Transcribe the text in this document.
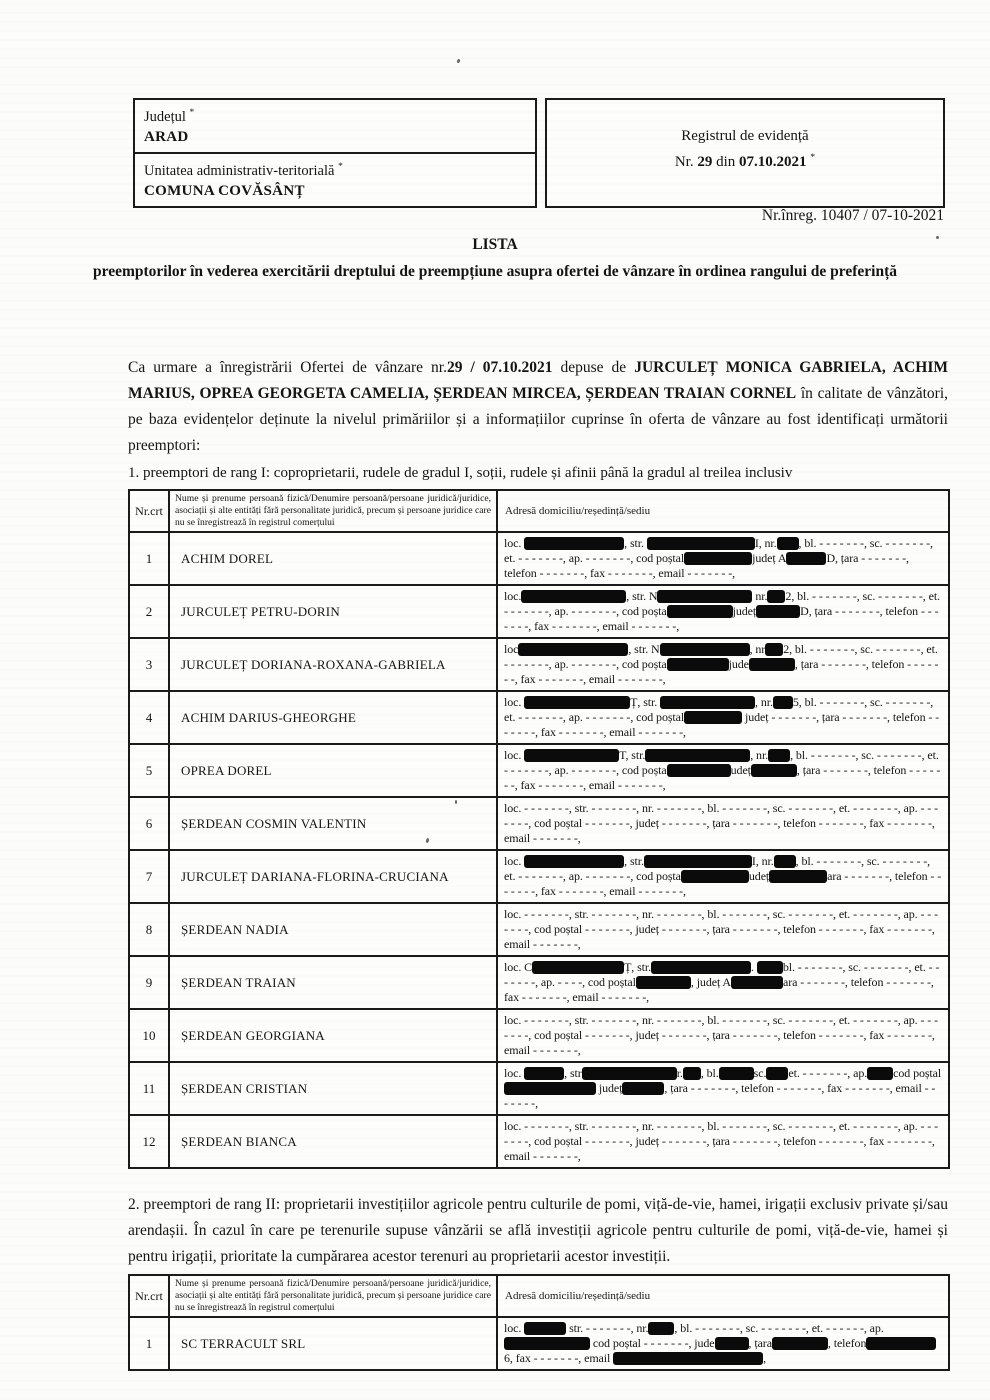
Județul *
ARAD
Unitatea administrativ-teritorială *
COMUNA COVĂSÂNȚ
Registrul de evidență
Nr. 29 din 07.10.2021 *
Nr.înreg. 10407 / 07-10-2021
LISTA
preemptorilor în vederea exercitării dreptului de preempțiune asupra ofertei de vânzare în ordinea rangului de preferință
Ca urmare a înregistrării Ofertei de vânzare nr.29 / 07.10.2021 depuse de JURCULEȚ MONICA GABRIELA, ACHIM MARIUS, OPREA GEORGETA CAMELIA, ȘERDEAN MIRCEA, ȘERDEAN TRAIAN CORNEL în calitate de vânzători, pe baza evidențelor deținute la nivelul primăriilor și a informațiilor cuprinse în oferta de vânzare au fost identificați următorii preemptori:
1. preemptori de rang I: coproprietarii, rudele de gradul I, soții, rudele și afinii până la gradul al treilea inclusiv
Nr.crt	Nume și prenume persoană fizică/Denumire persoană/persoane juridică/juridice, asociații și alte entități fără personalitate juridică, precum și persoane juridice care nu se înregistrează în registrul comerțului	Adresă domiciliu/reședință/sediu
1	ACHIM DOREL	loc. , str. I, nr. , bl. - - - - - - -, sc. - - - - - - -, et. - - - - - - -, ap. - - - - - - -, cod poștal județ A D, țara - - - - - - -, telefon - - - - - - -, fax - - - - - - -, email - - - - - - -,
2	JURCULEȚ PETRU-DORIN	loc. , str. N nr. 2, bl. - - - - - - -, sc. - - - - - - -, et. - - - - - - -, ap. - - - - - - -, cod poșta județ D, țara - - - - - - -, telefon - - - - - - -, fax - - - - - - -, email - - - - - - -,
3	JURCULEȚ DORIANA-ROXANA-GABRIELA	loc , str. N , nr 2, bl. - - - - - - -, sc. - - - - - - -, et. - - - - - - -, ap. - - - - - - -, cod poșta jude , țara - - - - - - -, telefon - - - - - - -, fax - - - - - - -, email - - - - - - -,
4	ACHIM DARIUS-GHEORGHE	loc. Ț, str. , nr. 5, bl. - - - - - - -, sc. - - - - - - -, et. - - - - - - -, ap. - - - - - - -, cod poștal județ - - - - - - -, țara - - - - - - -, telefon - - - - - - -, fax - - - - - - -, email - - - - - - -,
5	OPREA DOREL	loc. T, str. , nr. , bl. - - - - - - -, sc. - - - - - - -, et. - - - - - - -, ap. - - - - - - -, cod poșta udeț , țara - - - - - - -, telefon - - - - - - -, fax - - - - - - -, email - - - - - - -,
6	ȘERDEAN COSMIN VALENTIN	loc. - - - - - - -, str. - - - - - - -, nr. - - - - - - -, bl. - - - - - - -, sc. - - - - - - -, et. - - - - - - -, ap. - - - - - - -, cod poștal - - - - - - -, județ - - - - - - -, țara - - - - - - -, telefon - - - - - - -, fax - - - - - - -, email - - - - - - -,
7	JURCULEȚ DARIANA-FLORINA-CRUCIANA	loc. , str. I, nr. , bl. - - - - - - -, sc. - - - - - - -, et. - - - - - - -, ap. - - - - - - -, cod poșta udeț ara - - - - - - -, telefon - - - - - - -, fax - - - - - - -, email - - - - - - -,
8	ȘERDEAN NADIA	loc. - - - - - - -, str. - - - - - - -, nr. - - - - - - -, bl. - - - - - - -, sc. - - - - - - -, et. - - - - - - -, ap. - - - - - - -, cod poștal - - - - - - -, județ - - - - - - -, țara - - - - - - -, telefon - - - - - - -, fax - - - - - - -, email - - - - - - -,
9	ȘERDEAN TRAIAN	loc. C Ț, str. . bl. - - - - - - -, sc. - - - - - - -, et. - - - - - - -, ap. - - - -, cod poștal , județ A ara - - - - - - -, telefon - - - - - - -, fax - - - - - - -, email - - - - - - -,
10	ȘERDEAN GEORGIANA	loc. - - - - - - -, str. - - - - - - -, nr. - - - - - - -, bl. - - - - - - -, sc. - - - - - - -, et. - - - - - - -, ap. - - - - - - -, cod poștal - - - - - - -, județ - - - - - - -, țara - - - - - - -, telefon - - - - - - -, fax - - - - - - -, email - - - - - - -,
11	ȘERDEAN CRISTIAN	loc. , str r. , bl. sc. et. - - - - - - -, ap. cod poștal  județ , țara - - - - - - -, telefon - - - - - - -, fax - - - - - - -, email - - - - - - -,
12	ȘERDEAN BIANCA	loc. - - - - - - -, str. - - - - - - -, nr. - - - - - - -, bl. - - - - - - -, sc. - - - - - - -, et. - - - - - - -, ap. - - - - - - -, cod poștal - - - - - - -, județ - - - - - - -, țara - - - - - - -, telefon - - - - - - -, fax - - - - - - -, email - - - - - - -,
2. preemptori de rang II: proprietarii investițiilor agricole pentru culturile de pomi, viță-de-vie, hamei, irigații exclusiv private și/sau arendașii. În cazul în care pe terenurile supuse vânzării se află investiții agricole pentru culturile de pomi, viță-de-vie, hamei și pentru irigații, prioritate la cumpărarea acestor terenuri au proprietarii acestor investiții.
Nr.crt	Nume și prenume persoană fizică/Denumire persoană/persoane juridică/juridice, asociații și alte entități fără personalitate juridică, precum și persoane juridice care nu se înregistrează în registrul comerțului	Adresă domiciliu/reședință/sediu
1	SC TERRACULT SRL	loc. str. - - - - - - -, nr. , bl. - - - - - - -, sc. - - - - - - -, et. - - - - - -, ap.  cod poștal - - - - - - -, jude , țara , telefon6, fax - - - - - - -, email ,
